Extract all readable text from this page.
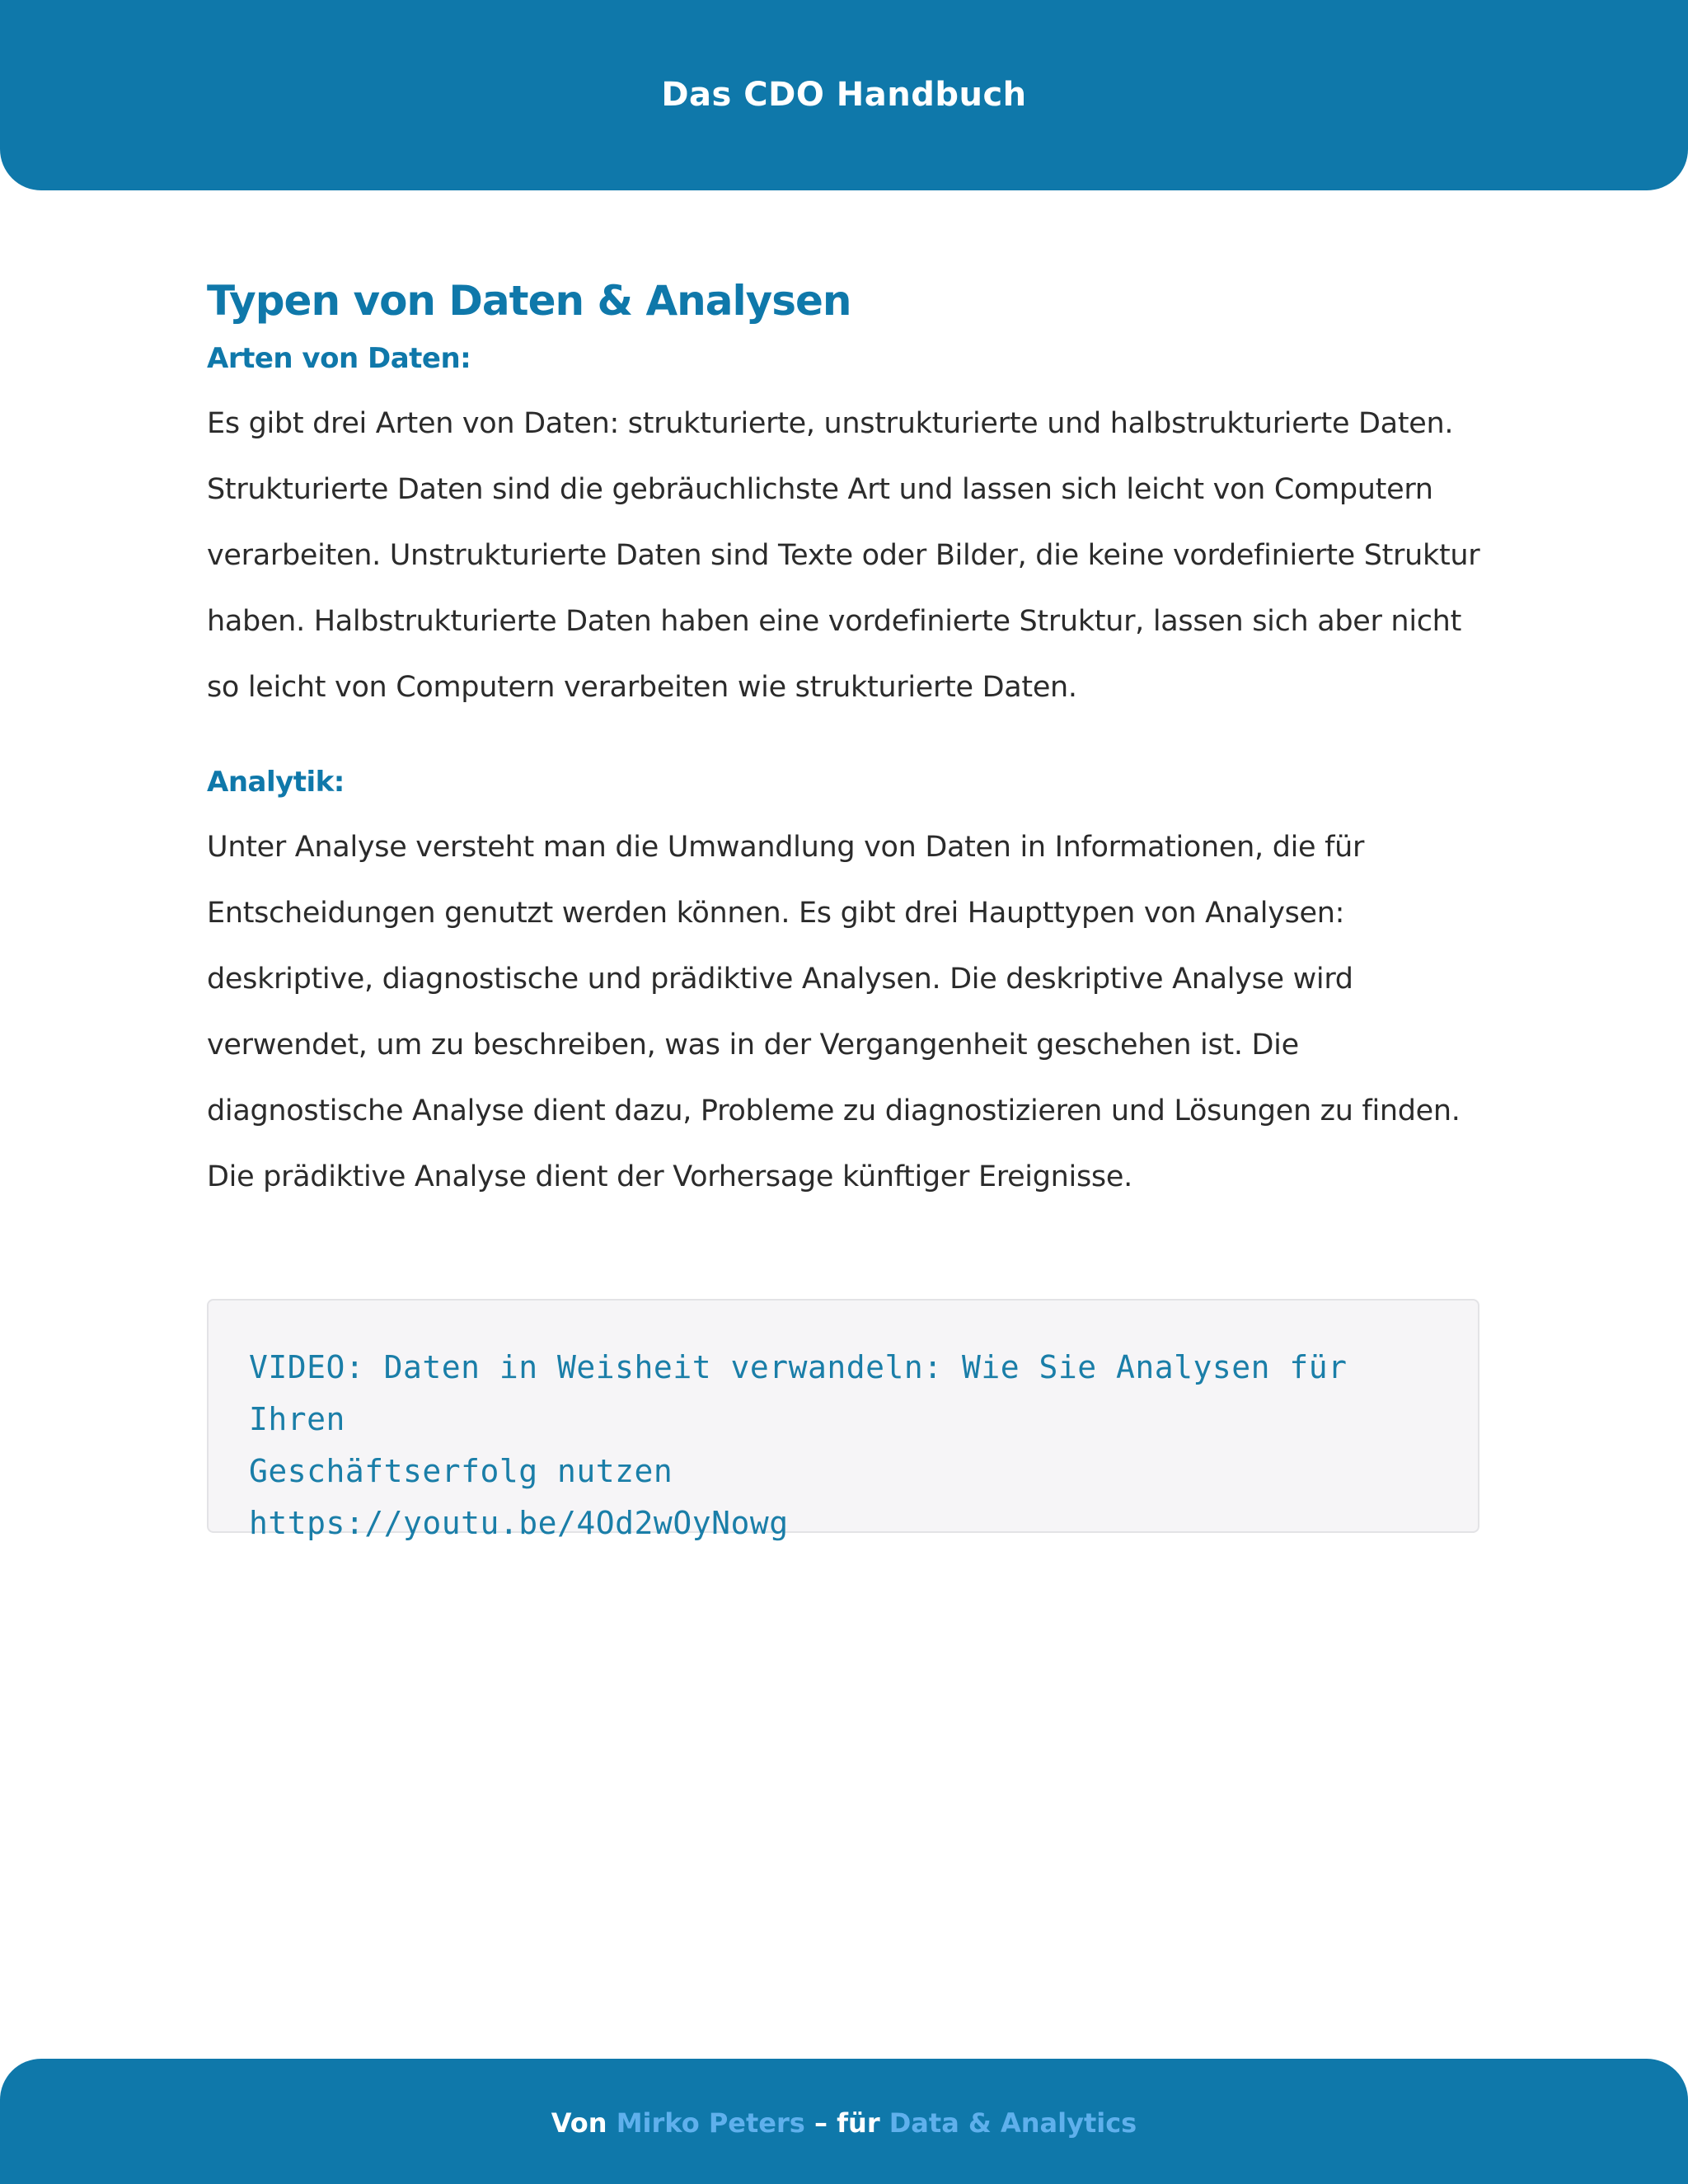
Das CDO Handbuch
Typen von Daten & Analysen
Arten von Daten:

Es gibt drei Arten von Daten: strukturierte, unstrukturierte und halbstrukturierte Daten. Strukturierte Daten sind die gebräuchlichste Art und lassen sich leicht von Computern verarbeiten. Unstrukturierte Daten sind Texte oder Bilder, die keine vordefinierte Struktur haben. Halbstrukturierte Daten haben eine vordefinierte Struktur, lassen sich aber nicht so leicht von Computern verarbeiten wie strukturierte Daten.

Analytik:

Unter Analyse versteht man die Umwandlung von Daten in Informationen, die für Entscheidungen genutzt werden können. Es gibt drei Haupttypen von Analysen: deskriptive, diagnostische und prädiktive Analysen. Die deskriptive Analyse wird verwendet, um zu beschreiben, was in der Vergangenheit geschehen ist. Die diagnostische Analyse dient dazu, Probleme zu diagnostizieren und Lösungen zu finden. Die prädiktive Analyse dient der Vorhersage künftiger Ereignisse.

VIDEO: Daten in Weisheit verwandeln: Wie Sie Analysen für Ihren
Geschäftserfolg nutzen
https://youtu.be/4Od2wOyNowg
Von Mirko Peters – für Data & Analytics
